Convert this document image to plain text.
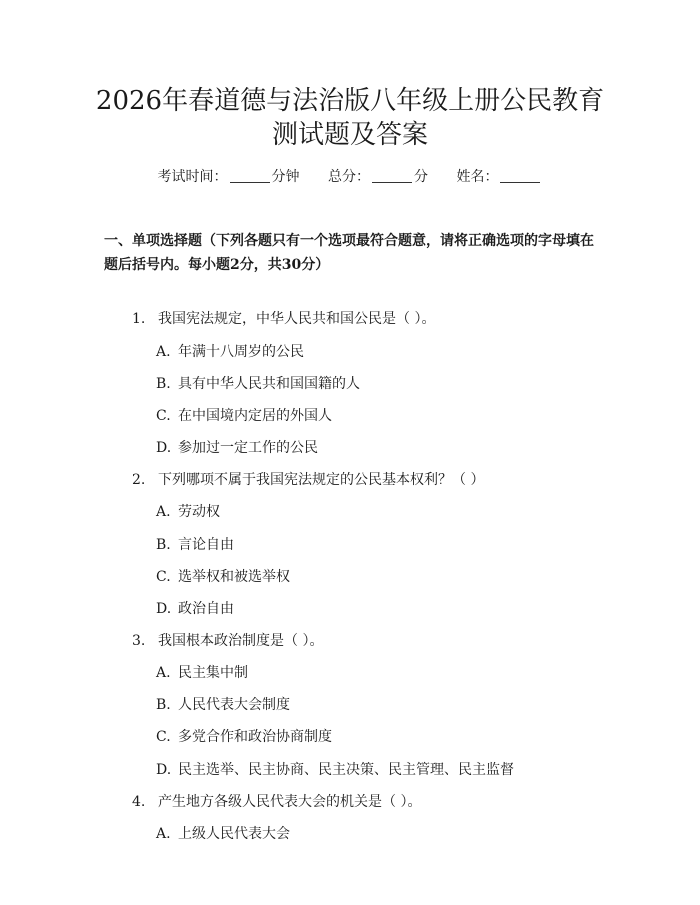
2026年春道德与法治版八年级上册公民教育
测试题及答案
考试时间：	分钟 总分：	分 姓名：
一、单项选择题（下列各题只有一个选项最符合题意，请将正确选项的字母填在题后括号内。每小题2分，共30分）
1. 我国宪法规定，中华人民共和国公民是（ ）。
A. 年满十八周岁的公民
B. 具有中华人民共和国国籍的人
C. 在中国境内定居的外国人
D. 参加过一定工作的公民
2. 下列哪项不属于我国宪法规定的公民基本权利？（ ）
A. 劳动权
B. 言论自由
C. 选举权和被选举权
D. 政治自由
3. 我国根本政治制度是（ ）。
A. 民主集中制
B. 人民代表大会制度
C. 多党合作和政治协商制度
D. 民主选举、民主协商、民主决策、民主管理、民主监督
4. 产生地方各级人民代表大会的机关是（ ）。
A. 上级人民代表大会
